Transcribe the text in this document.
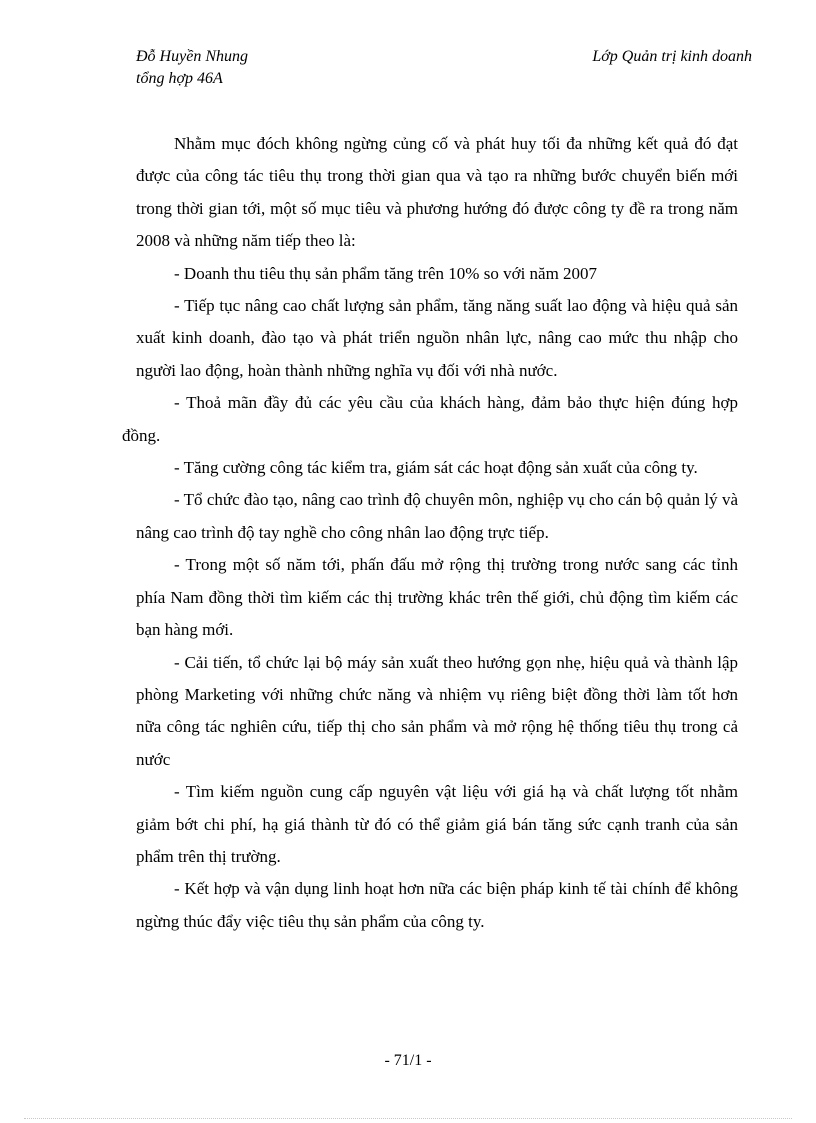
Đỗ Huyền Nhung
tổng hợp 46A
Lớp Quản trị kinh doanh

Nhằm mục đóch không ngừng củng cố và phát huy tối đa những kết quả đó đạt được của công tác tiêu thụ trong thời gian qua và tạo ra những bước chuyển biến mới trong thời gian tới, một số mục tiêu và phương hướng đó được công ty đề ra trong năm 2008 và những năm tiếp theo là:

- Doanh thu tiêu thụ sản phẩm tăng trên 10% so với năm 2007

- Tiếp tục nâng cao chất lượng sản phẩm, tăng năng suất lao động và hiệu quả sản xuất kinh doanh, đào tạo và phát triển nguồn nhân lực, nâng cao mức thu nhập cho người lao động, hoàn thành những nghĩa vụ đối với nhà nước.

- Thoả mãn đầy đủ các yêu cầu của khách hàng, đảm bảo thực hiện đúng hợp đồng.

- Tăng cường công tác kiểm tra, giám sát các hoạt động sản xuất của công ty.

- Tổ chức đào tạo, nâng cao trình độ chuyên môn, nghiệp vụ cho cán bộ quản lý và nâng cao trình độ tay nghề cho công nhân lao động trực tiếp.

- Trong một số năm tới, phấn đấu mở rộng thị trường trong nước sang các tỉnh phía Nam đồng thời tìm kiếm các thị trường khác trên thế giới, chủ động tìm kiếm các bạn hàng mới.

- Cải tiến, tổ chức lại bộ máy sản xuất theo hướng gọn nhẹ, hiệu quả và thành lập phòng Marketing với những chức năng và nhiệm vụ riêng biệt đồng thời làm tốt hơn nữa công tác nghiên cứu, tiếp thị cho sản phẩm và mở rộng hệ thống tiêu thụ trong cả nước

- Tìm kiếm nguồn cung cấp nguyên vật liệu với giá hạ và chất lượng tốt nhằm giảm bớt chi phí, hạ giá thành từ đó có thể giảm giá bán tăng sức cạnh tranh của sản phẩm trên thị trường.

- Kết hợp và vận dụng linh hoạt hơn nữa các biện pháp kinh tế tài chính để không ngừng thúc đẩy việc tiêu thụ sản phẩm của công ty.

- 71/1 -
